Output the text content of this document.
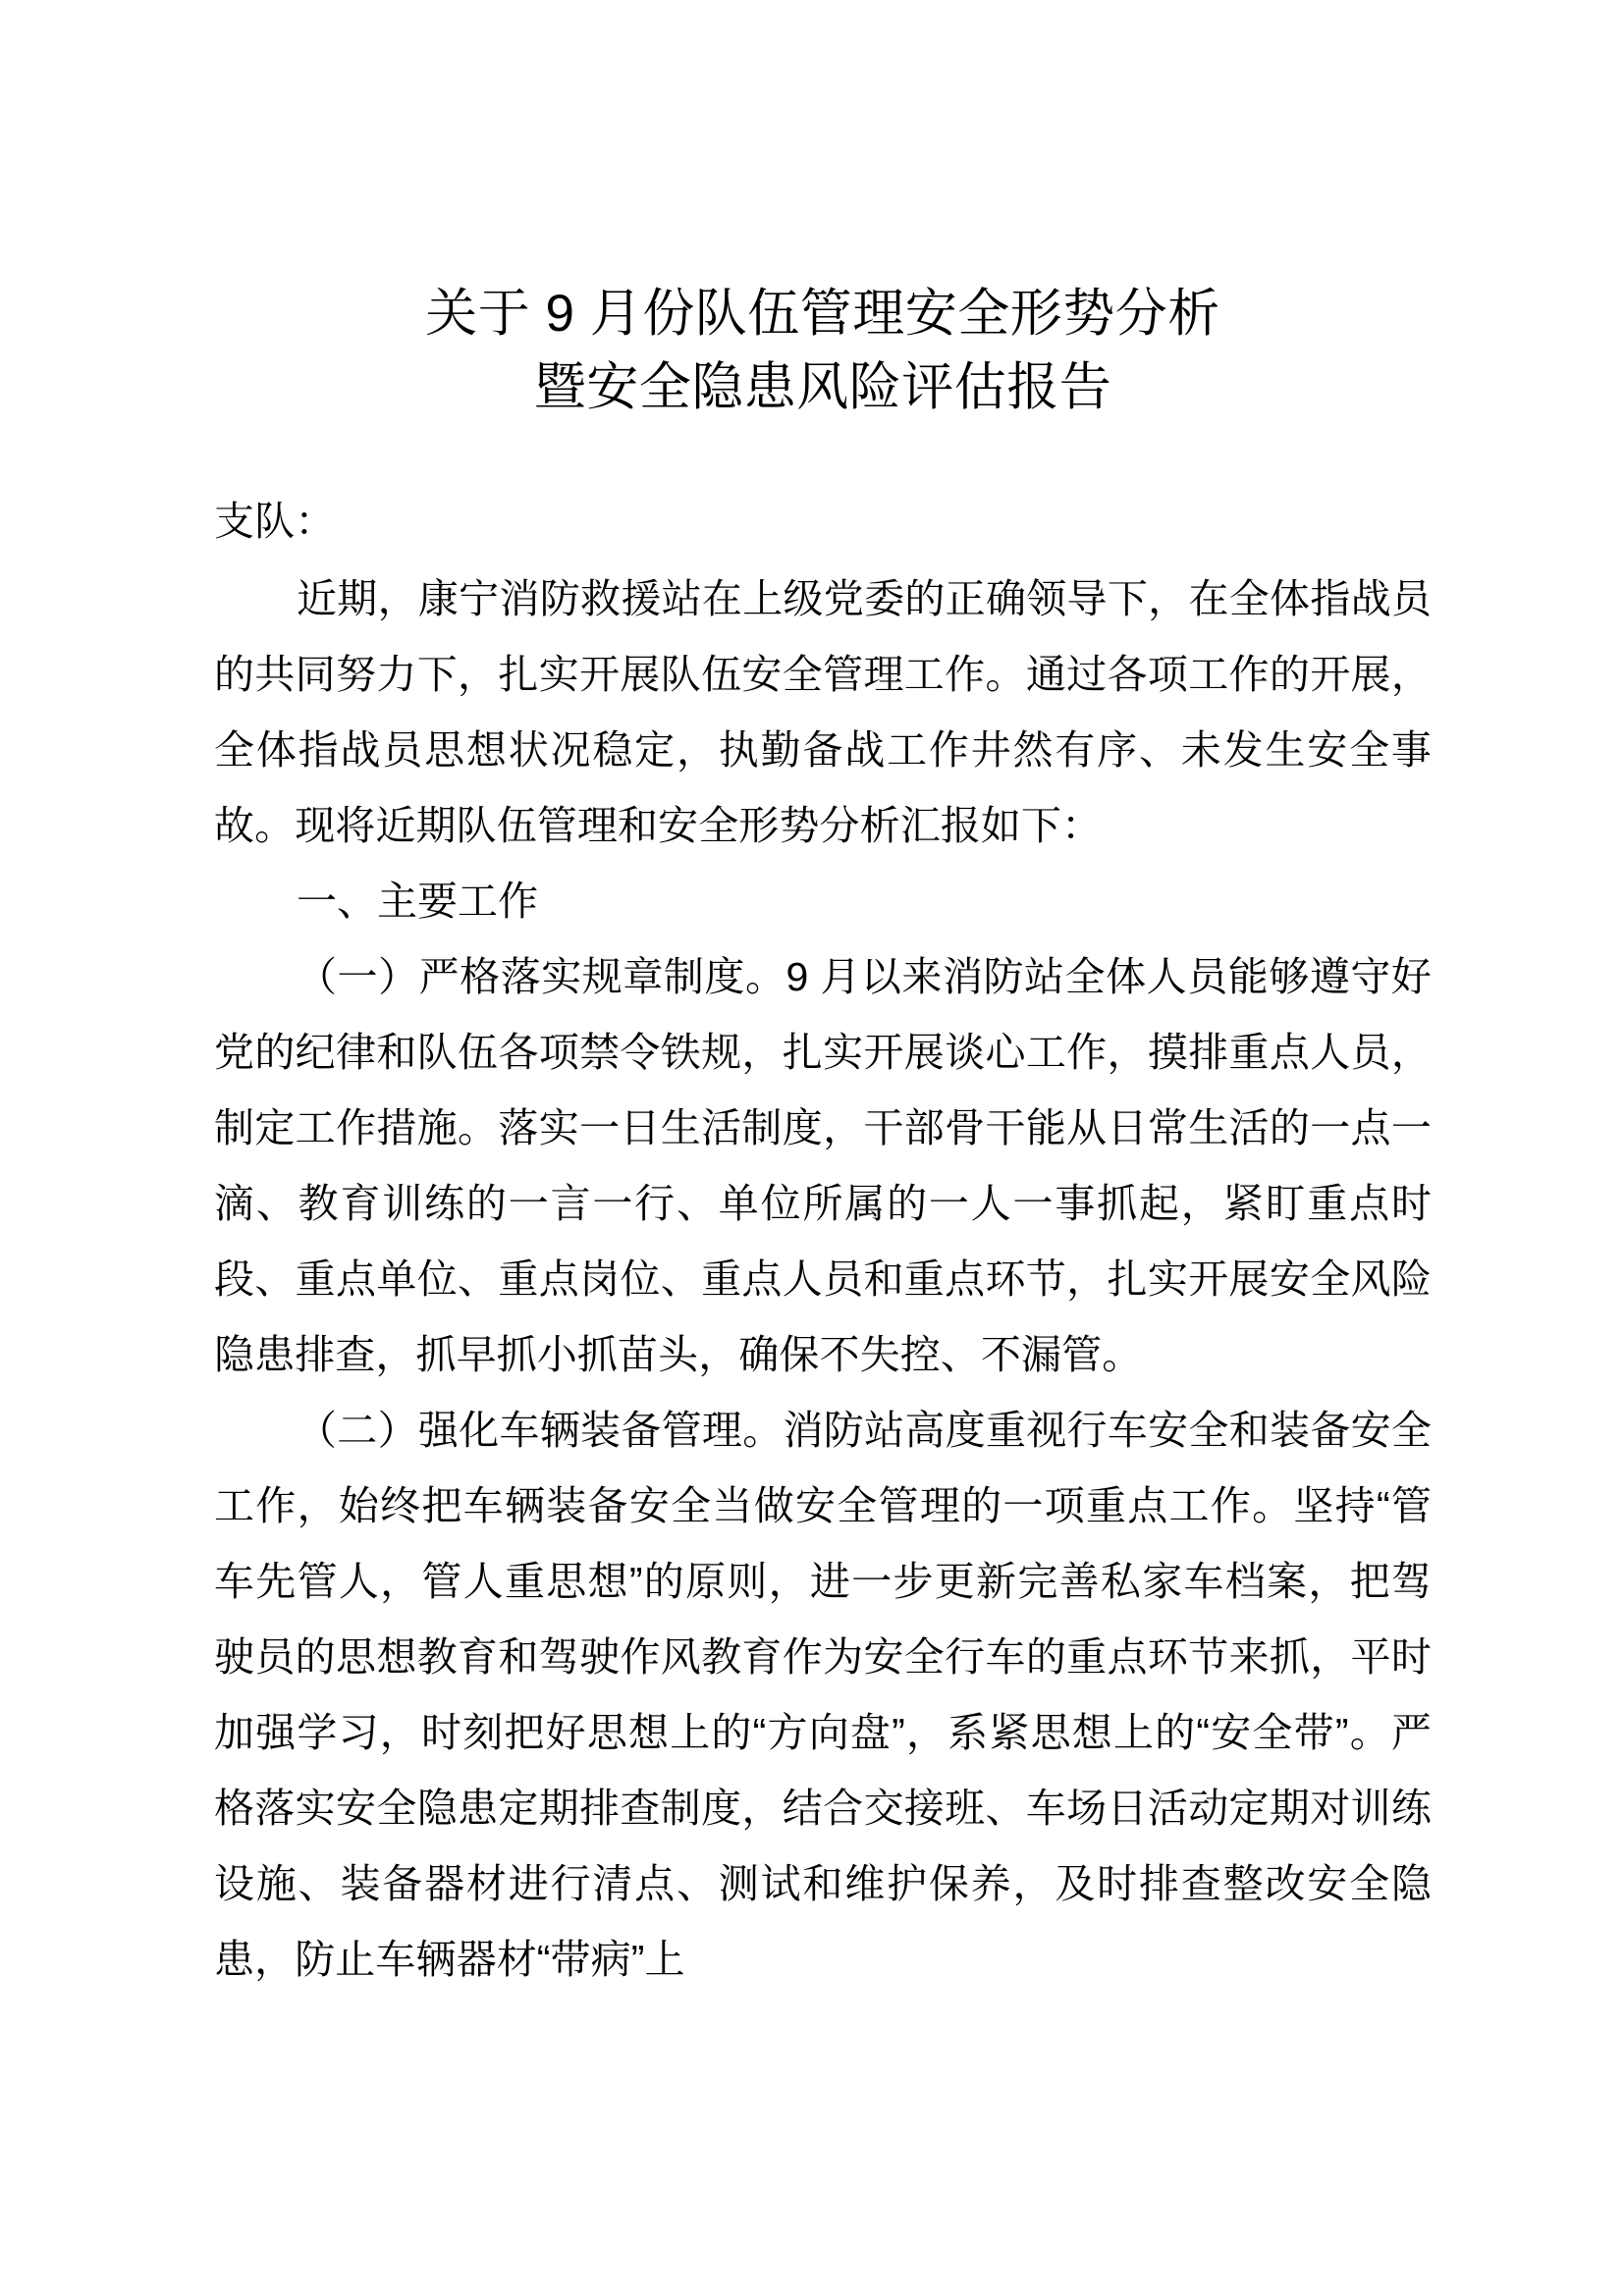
关于 9 月份队伍管理安全形势分析
暨安全隐患风险评估报告

支队：

近期，康宁消防救援站在上级党委的正确领导下，在全体指战员的共同努力下，扎实开展队伍安全管理工作。通过各项工作的开展，全体指战员思想状况稳定，执勤备战工作井然有序、未发生安全事故。现将近期队伍管理和安全形势分析汇报如下：

一、主要工作

（一）严格落实规章制度。9 月以来消防站全体人员能够遵守好党的纪律和队伍各项禁令铁规，扎实开展谈心工作，摸排重点人员，制定工作措施。落实一日生活制度，干部骨干能从日常生活的一点一滴、教育训练的一言一行、单位所属的一人一事抓起，紧盯重点时段、重点单位、重点岗位、重点人员和重点环节，扎实开展安全风险隐患排查，抓早抓小抓苗头，确保不失控、不漏管。

（二）强化车辆装备管理。消防站高度重视行车安全和装备安全工作，始终把车辆装备安全当做安全管理的一项重点工作。坚持“管车先管人，管人重思想”的原则，进一步更新完善私家车档案，把驾驶员的思想教育和驾驶作风教育作为安全行车的重点环节来抓，平时加强学习，时刻把好思想上的“方向盘”，系紧思想上的“安全带”。严格落实安全隐患定期排查制度，结合交接班、车场日活动定期对训练设施、装备器材进行清点、测试和维护保养，及时排查整改安全隐患，防止车辆器材“带病”上
